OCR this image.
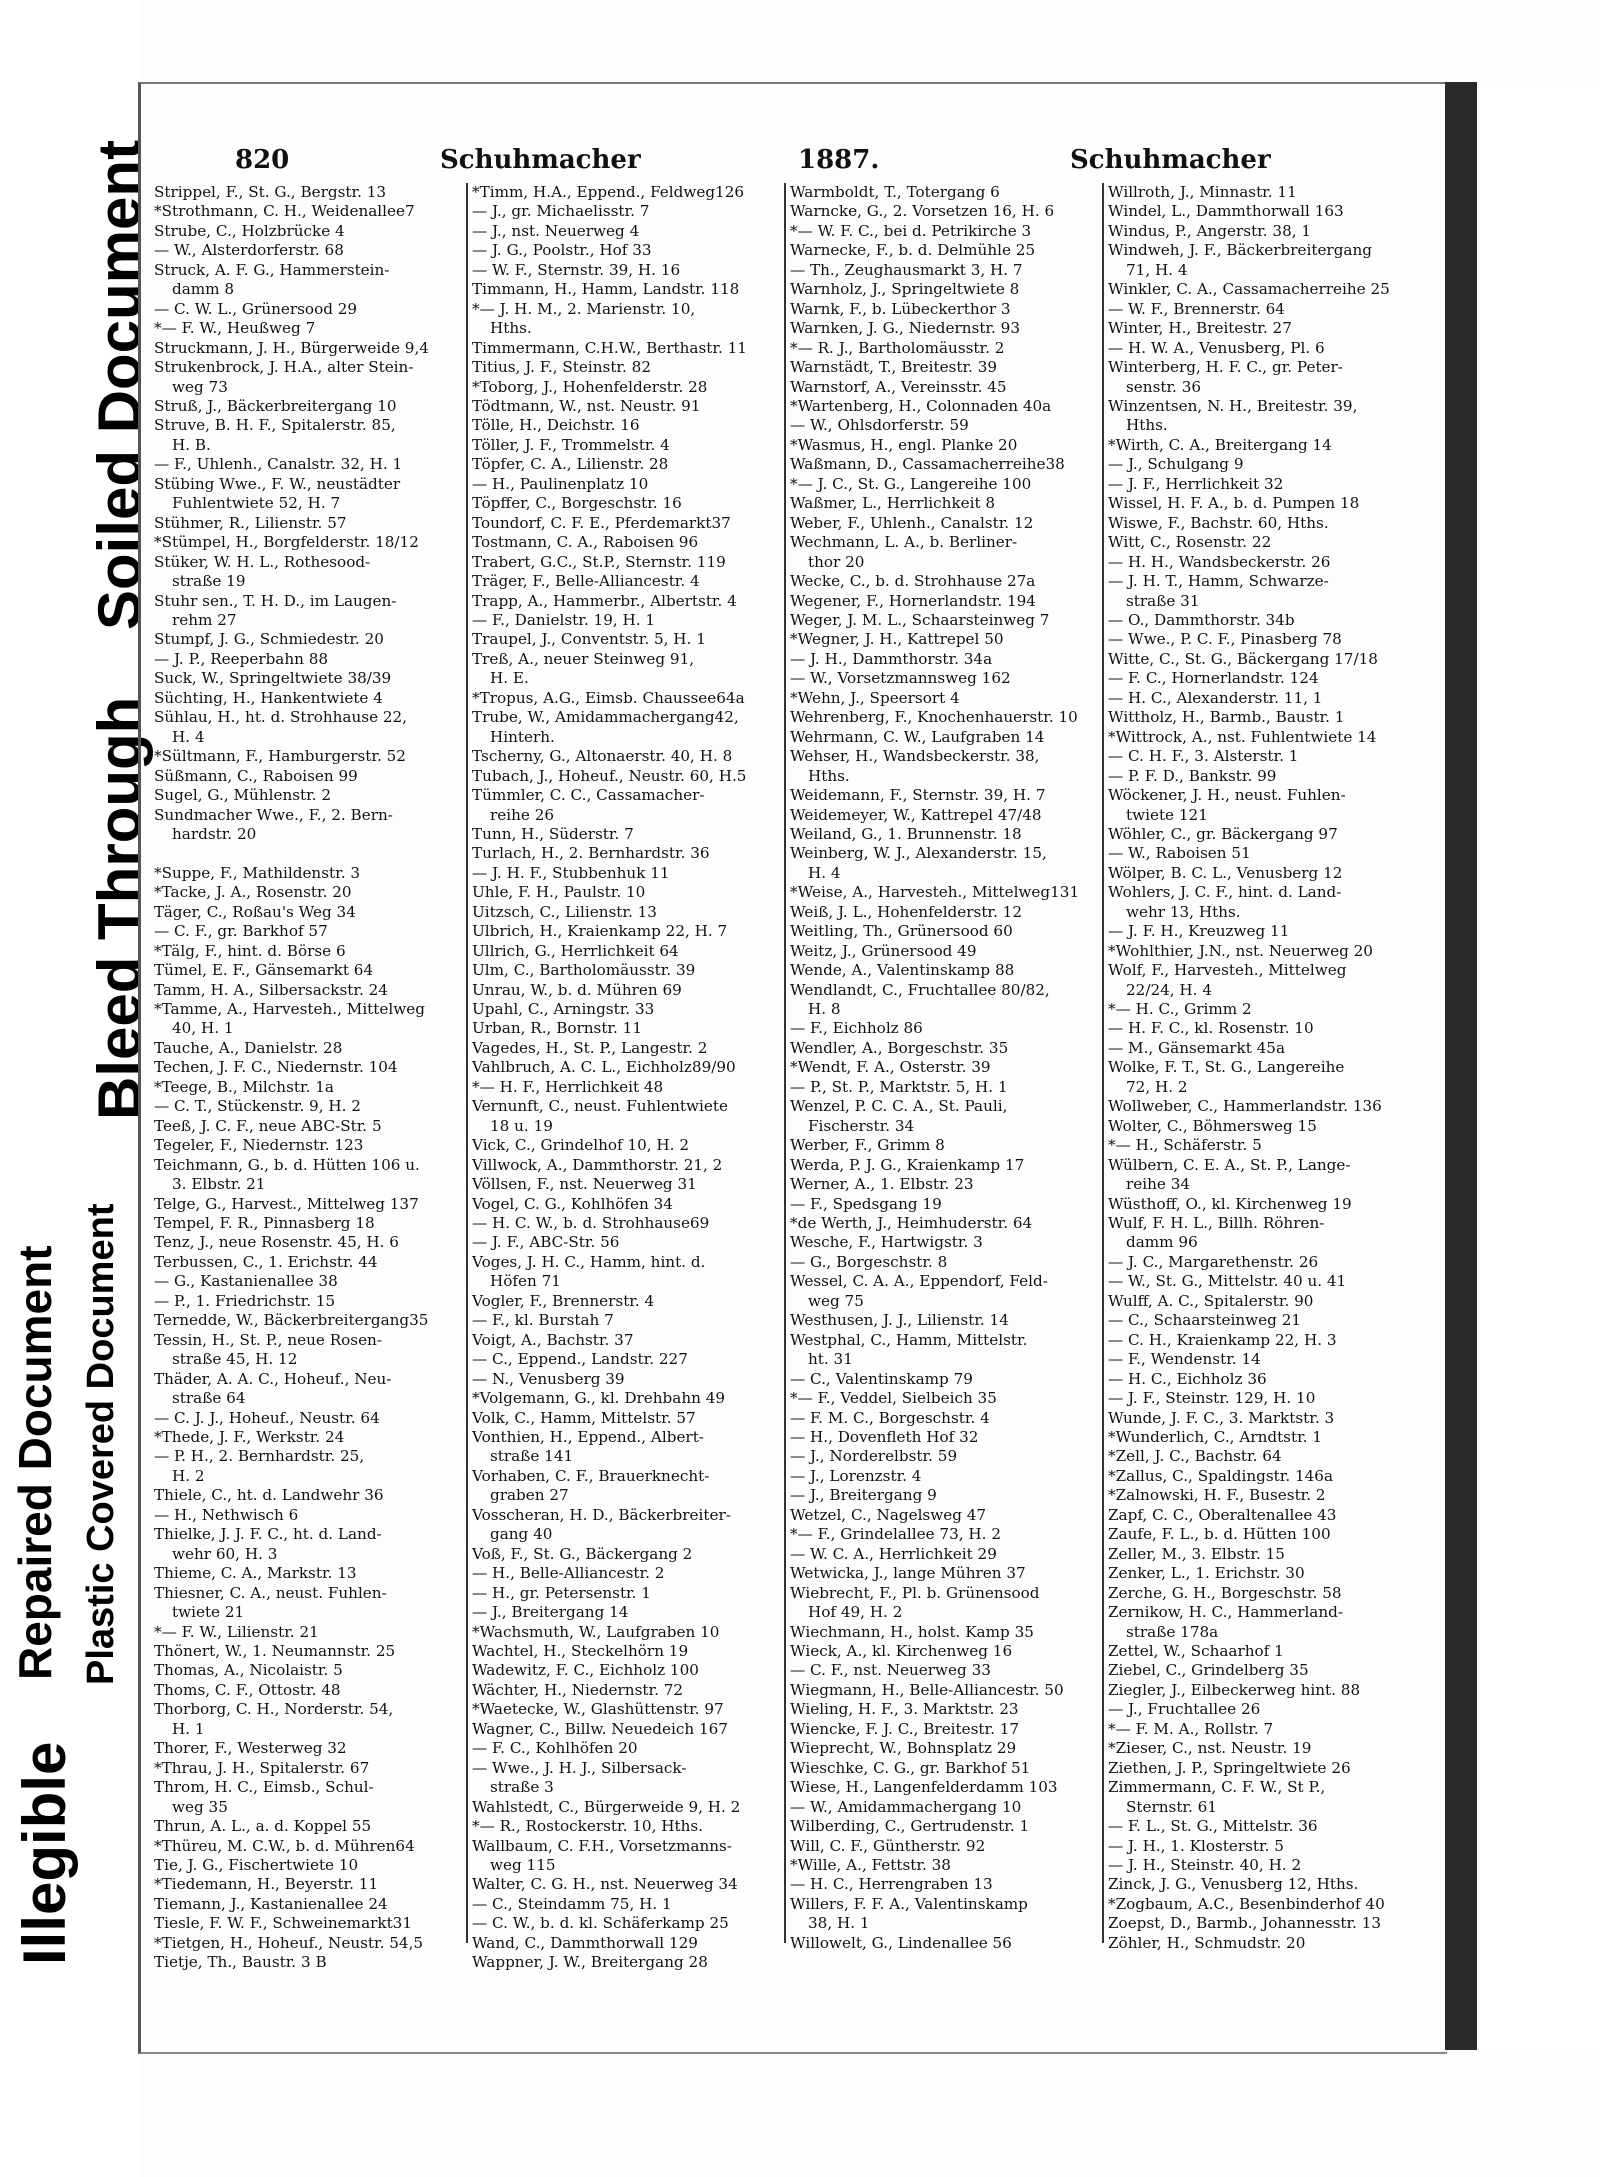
Illegible
Repaired Document
Bleed Through
Soiled Document
Plastic Covered Document
820	Schuhmacher	1887.	Schuhmacher
Strippel, F., St. G., Bergstr. 13
*Strothmann, C. H., Weidenallee7
Strube, C., Holzbrücke 4
— W., Alsterdorferstr. 68
Struck, A. F. G., Hammerstein-
damm 8
— C. W. L., Grünersood 29
*— F. W., Heußweg 7
Struckmann, J. H., Bürgerweide 9,4
Strukenbrock, J. H.A., alter Stein-
weg 73
Struß, J., Bäckerbreitergang 10
Struve, B. H. F., Spitalerstr. 85,
H. B.
— F., Uhlenh., Canalstr. 32, H. 1
Stübing Wwe., F. W., neustädter
Fuhlentwiete 52, H. 7
Stühmer, R., Lilienstr. 57
*Stümpel, H., Borgfelderstr. 18/12
Stüker, W. H. L., Rothesood-
straße 19
Stuhr sen., T. H. D., im Laugen-
rehm 27
Stumpf, J. G., Schmiedestr. 20
— J. P., Reeperbahn 88
Suck, W., Springeltwiete 38/39
Süchting, H., Hankentwiete 4
Sühlau, H., ht. d. Strohhause 22,
H. 4
*Sültmann, F., Hamburgerstr. 52
Süßmann, C., Raboisen 99
Sugel, G., Mühlenstr. 2
Sundmacher Wwe., F., 2. Bern-
hardstr. 20
*Suppe, F., Mathildenstr. 3
*Tacke, J. A., Rosenstr. 20
Täger, C., Roßau's Weg 34
— C. F., gr. Barkhof 57
*Tälg, F., hint. d. Börse 6
Tümel, E. F., Gänsemarkt 64
Tamm, H. A., Silbersackstr. 24
*Tamme, A., Harvesteh., Mittelweg
40, H. 1
Tauche, A., Danielstr. 28
Techen, J. F. C., Niedernstr. 104
*Teege, B., Milchstr. 1a
— C. T., Stückenstr. 9, H. 2
Teeß, J. C. F., neue ABC-Str. 5
Tegeler, F., Niedernstr. 123
Teichmann, G., b. d. Hütten 106 u.
3. Elbstr. 21
Telge, G., Harvest., Mittelweg 137
Tempel, F. R., Pinnasberg 18
Tenz, J., neue Rosenstr. 45, H. 6
Terbussen, C., 1. Erichstr. 44
— G., Kastanienallee 38
— P., 1. Friedrichstr. 15
Ternedde, W., Bäckerbreitergang35
Tessin, H., St. P., neue Rosen-
straße 45, H. 12
Thäder, A. A. C., Hoheuf., Neu-
straße 64
— C. J. J., Hoheuf., Neustr. 64
*Thede, J. F., Werkstr. 24
— P. H., 2. Bernhardstr. 25,
H. 2
Thiele, C., ht. d. Landwehr 36
— H., Nethwisch 6
Thielke, J. J. F. C., ht. d. Land-
wehr 60, H. 3
Thieme, C. A., Markstr. 13
Thiesner, C. A., neust. Fuhlen-
twiete 21
*— F. W., Lilienstr. 21
Thönert, W., 1. Neumannstr. 25
Thomas, A., Nicolaistr. 5
Thoms, C. F., Ottostr. 48
Thorborg, C. H., Norderstr. 54,
H. 1
Thorer, F., Westerweg 32
*Thrau, J. H., Spitalerstr. 67
Throm, H. C., Eimsb., Schul-
weg 35
Thrun, A. L., a. d. Koppel 55
*Thüreu, M. C.W., b. d. Mühren64
Tie, J. G., Fischertwiete 10
*Tiedemann, H., Beyerstr. 11
Tiemann, J., Kastanienallee 24
Tiesle, F. W. F., Schweinemarkt31
*Tietgen, H., Hoheuf., Neustr. 54,5
Tietje, Th., Baustr. 3 B
*Timm, H.A., Eppend., Feldweg126
— J., gr. Michaelisstr. 7
— J., nst. Neuerweg 4
— J. G., Poolstr., Hof 33
— W. F., Sternstr. 39, H. 16
Timmann, H., Hamm, Landstr. 118
*— J. H. M., 2. Marienstr. 10,
Hths.
Timmermann, C.H.W., Berthastr. 11
Titius, J. F., Steinstr. 82
*Toborg, J., Hohenfelderstr. 28
Tödtmann, W., nst. Neustr. 91
Tölle, H., Deichstr. 16
Töller, J. F., Trommelstr. 4
Töpfer, C. A., Lilienstr. 28
— H., Paulinenplatz 10
Töpffer, C., Borgeschstr. 16
Toundorf, C. F. E., Pferdemarkt37
Tostmann, C. A., Raboisen 96
Trabert, G.C., St.P., Sternstr. 119
Träger, F., Belle-Alliancestr. 4
Trapp, A., Hammerbr., Albertstr. 4
— F., Danielstr. 19, H. 1
Traupel, J., Conventstr. 5, H. 1
Treß, A., neuer Steinweg 91,
H. E.
*Tropus, A.G., Eimsb. Chaussee64a
Trube, W., Amidammachergang42,
Hinterh.
Tscherny, G., Altonaerstr. 40, H. 8
Tubach, J., Hoheuf., Neustr. 60, H.5
Tümmler, C. C., Cassamacher-
reihe 26
Tunn, H., Süderstr. 7
Turlach, H., 2. Bernhardstr. 36
— J. H. F., Stubbenhuk 11
Uhle, F. H., Paulstr. 10
Uitzsch, C., Lilienstr. 13
Ulbrich, H., Kraienkamp 22, H. 7
Ullrich, G., Herrlichkeit 64
Ulm, C., Bartholomäusstr. 39
Unrau, W., b. d. Mühren 69
Upahl, C., Arningstr. 33
Urban, R., Bornstr. 11
Vagedes, H., St. P., Langestr. 2
Vahlbruch, A. C. L., Eichholz89/90
*— H. F., Herrlichkeit 48
Vernunft, C., neust. Fuhlentwiete
18 u. 19
Vick, C., Grindelhof 10, H. 2
Villwock, A., Dammthorstr. 21, 2
Völlsen, F., nst. Neuerweg 31
Vogel, C. G., Kohlhöfen 34
— H. C. W., b. d. Strohhause69
— J. F., ABC-Str. 56
Voges, J. H. C., Hamm, hint. d.
Höfen 71
Vogler, F., Brennerstr. 4
— F., kl. Burstah 7
Voigt, A., Bachstr. 37
— C., Eppend., Landstr. 227
— N., Venusberg 39
*Volgemann, G., kl. Drehbahn 49
Volk, C., Hamm, Mittelstr. 57
Vonthien, H., Eppend., Albert-
straße 141
Vorhaben, C. F., Brauerknecht-
graben 27
Vosscheran, H. D., Bäckerbreiter-
gang 40
Voß, F., St. G., Bäckergang 2
— H., Belle-Alliancestr. 2
— H., gr. Petersenstr. 1
— J., Breitergang 14
*Wachsmuth, W., Laufgraben 10
Wachtel, H., Steckelhörn 19
Wadewitz, F. C., Eichholz 100
Wächter, H., Niedernstr. 72
*Waetecke, W., Glashüttenstr. 97
Wagner, C., Billw. Neuedeich 167
— F. C., Kohlhöfen 20
— Wwe., J. H. J., Silbersack-
straße 3
Wahlstedt, C., Bürgerweide 9, H. 2
*— R., Rostockerstr. 10, Hths.
Wallbaum, C. F.H., Vorsetzmanns-
weg 115
Walter, C. G. H., nst. Neuerweg 34
— C., Steindamm 75, H. 1
— C. W., b. d. kl. Schäferkamp 25
Wand, C., Dammthorwall 129
Wappner, J. W., Breitergang 28
Warmboldt, T., Totergang 6
Warncke, G., 2. Vorsetzen 16, H. 6
*— W. F. C., bei d. Petrikirche 3
Warnecke, F., b. d. Delmühle 25
— Th., Zeughausmarkt 3, H. 7
Warnholz, J., Springeltwiete 8
Warnk, F., b. Lübeckerthor 3
Warnken, J. G., Niedernstr. 93
*— R. J., Bartholomäusstr. 2
Warnstädt, T., Breitestr. 39
Warnstorf, A., Vereinsstr. 45
*Wartenberg, H., Colonnaden 40a
— W., Ohlsdorferstr. 59
*Wasmus, H., engl. Planke 20
Waßmann, D., Cassamacherreihe38
*— J. C., St. G., Langereihe 100
Waßmer, L., Herrlichkeit 8
Weber, F., Uhlenh., Canalstr. 12
Wechmann, L. A., b. Berliner-
thor 20
Wecke, C., b. d. Strohhause 27a
Wegener, F., Hornerlandstr. 194
Weger, J. M. L., Schaarsteinweg 7
*Wegner, J. H., Kattrepel 50
— J. H., Dammthorstr. 34a
— W., Vorsetzmannsweg 162
*Wehn, J., Speersort 4
Wehrenberg, F., Knochenhauerstr. 10
Wehrmann, C. W., Laufgraben 14
Wehser, H., Wandsbeckerstr. 38,
Hths.
Weidemann, F., Sternstr. 39, H. 7
Weidemeyer, W., Kattrepel 47/48
Weiland, G., 1. Brunnenstr. 18
Weinberg, W. J., Alexanderstr. 15,
H. 4
*Weise, A., Harvesteh., Mittelweg131
Weiß, J. L., Hohenfelderstr. 12
Weitling, Th., Grünersood 60
Weitz, J., Grünersood 49
Wende, A., Valentinskamp 88
Wendlandt, C., Fruchtallee 80/82,
H. 8
— F., Eichholz 86
Wendler, A., Borgeschstr. 35
*Wendt, F. A., Osterstr. 39
— P., St. P., Marktstr. 5, H. 1
Wenzel, P. C. C. A., St. Pauli,
Fischerstr. 34
Werber, F., Grimm 8
Werda, P. J. G., Kraienkamp 17
Werner, A., 1. Elbstr. 23
— F., Spedsgang 19
*de Werth, J., Heimhuderstr. 64
Wesche, F., Hartwigstr. 3
— G., Borgeschstr. 8
Wessel, C. A. A., Eppendorf, Feld-
weg 75
Westhusen, J. J., Lilienstr. 14
Westphal, C., Hamm, Mittelstr.
ht. 31
— C., Valentinskamp 79
*— F., Veddel, Sielbeich 35
— F. M. C., Borgeschstr. 4
— H., Dovenfleth Hof 32
— J., Norderelbstr. 59
— J., Lorenzstr. 4
— J., Breitergang 9
Wetzel, C., Nagelsweg 47
*— F., Grindelallee 73, H. 2
— W. C. A., Herrlichkeit 29
Wetwicka, J., lange Mühren 37
Wiebrecht, F., Pl. b. Grünensood
Hof 49, H. 2
Wiechmann, H., holst. Kamp 35
Wieck, A., kl. Kirchenweg 16
— C. F., nst. Neuerweg 33
Wiegmann, H., Belle-Alliancestr. 50
Wieling, H. F., 3. Marktstr. 23
Wiencke, F. J. C., Breitestr. 17
Wieprecht, W., Bohnsplatz 29
Wieschke, C. G., gr. Barkhof 51
Wiese, H., Langenfelderdamm 103
— W., Amidammachergang 10
Wilberding, C., Gertrudenstr. 1
Will, C. F., Güntherstr. 92
*Wille, A., Fettstr. 38
— H. C., Herrengraben 13
Willers, F. F. A., Valentinskamp
38, H. 1
Willowelt, G., Lindenallee 56
Willroth, J., Minnastr. 11
Windel, L., Dammthorwall 163
Windus, P., Angerstr. 38, 1
Windweh, J. F., Bäckerbreitergang
71, H. 4
Winkler, C. A., Cassamacherreihe 25
— W. F., Brennerstr. 64
Winter, H., Breitestr. 27
— H. W. A., Venusberg, Pl. 6
Winterberg, H. F. C., gr. Peter-
senstr. 36
Winzentsen, N. H., Breitestr. 39,
Hths.
*Wirth, C. A., Breitergang 14
— J., Schulgang 9
— J. F., Herrlichkeit 32
Wissel, H. F. A., b. d. Pumpen 18
Wiswe, F., Bachstr. 60, Hths.
Witt, C., Rosenstr. 22
— H. H., Wandsbeckerstr. 26
— J. H. T., Hamm, Schwarze-
straße 31
— O., Dammthorstr. 34b
— Wwe., P. C. F., Pinasberg 78
Witte, C., St. G., Bäckergang 17/18
— F. C., Hornerlandstr. 124
— H. C., Alexanderstr. 11, 1
Wittholz, H., Barmb., Baustr. 1
*Wittrock, A., nst. Fuhlentwiete 14
— C. H. F., 3. Alsterstr. 1
— P. F. D., Bankstr. 99
Wöckener, J. H., neust. Fuhlen-
twiete 121
Wöhler, C., gr. Bäckergang 97
— W., Raboisen 51
Wölper, B. C. L., Venusberg 12
Wohlers, J. C. F., hint. d. Land-
wehr 13, Hths.
— J. F. H., Kreuzweg 11
*Wohlthier, J.N., nst. Neuerweg 20
Wolf, F., Harvesteh., Mittelweg
22/24, H. 4
*— H. C., Grimm 2
— H. F. C., kl. Rosenstr. 10
— M., Gänsemarkt 45a
Wolke, F. T., St. G., Langereihe
72, H. 2
Wollweber, C., Hammerlandstr. 136
Wolter, C., Böhmersweg 15
*— H., Schäferstr. 5
Wülbern, C. E. A., St. P., Lange-
reihe 34
Wüsthoff, O., kl. Kirchenweg 19
Wulf, F. H. L., Billh. Röhren-
damm 96
— J. C., Margarethenstr. 26
— W., St. G., Mittelstr. 40 u. 41
Wulff, A. C., Spitalerstr. 90
— C., Schaarsteinweg 21
— C. H., Kraienkamp 22, H. 3
— F., Wendenstr. 14
— H. C., Eichholz 36
— J. F., Steinstr. 129, H. 10
Wunde, J. F. C., 3. Marktstr. 3
*Wunderlich, C., Arndtstr. 1
*Zell, J. C., Bachstr. 64
*Zallus, C., Spaldingstr. 146a
*Zalnowski, H. F., Busestr. 2
Zapf, C. C., Oberaltenallee 43
Zaufe, F. L., b. d. Hütten 100
Zeller, M., 3. Elbstr. 15
Zenker, L., 1. Erichstr. 30
Zerche, G. H., Borgeschstr. 58
Zernikow, H. C., Hammerland-
straße 178a
Zettel, W., Schaarhof 1
Ziebel, C., Grindelberg 35
Ziegler, J., Eilbeckerweg hint. 88
— J., Fruchtallee 26
*— F. M. A., Rollstr. 7
*Zieser, C., nst. Neustr. 19
Ziethen, J. P., Springeltwiete 26
Zimmermann, C. F. W., St P.,
Sternstr. 61
— F. L., St. G., Mittelstr. 36
— J. H., 1. Klosterstr. 5
— J. H., Steinstr. 40, H. 2
Zinck, J. G., Venusberg 12, Hths.
*Zogbaum, A.C., Besenbinderhof 40
Zoepst, D., Barmb., Johannesstr. 13
Zöhler, H., Schmudstr. 20
